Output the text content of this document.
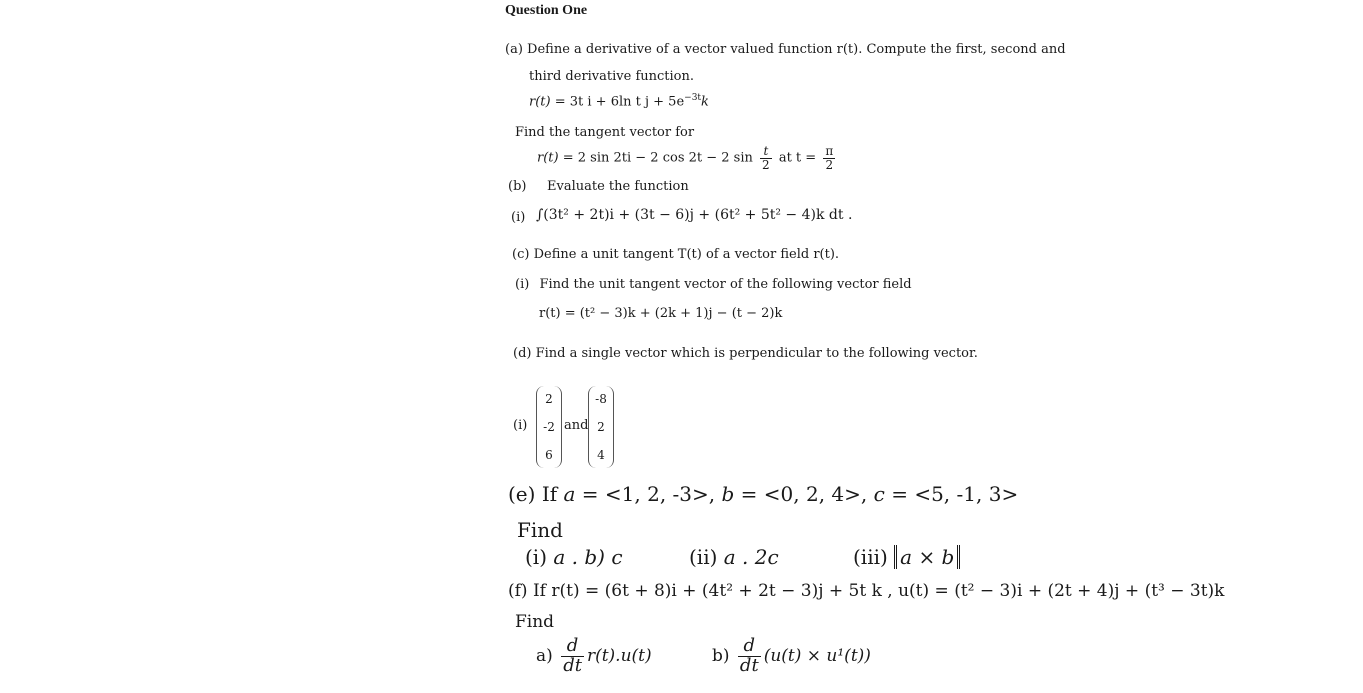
Question One
(a) Define a derivative of a vector valued function r(t). Compute the first, second and
third derivative function.
r(t) = 3t i + 6ln t $j + 5e^{-3t}k$
Find the tangent vector for
r(t) = 2 sin 2ti − 2 cos 2t − 2 $\sin \frac{t}{2}$ at $t = \frac{\pi}{2}$
(b) Evaluate the function
(i) ∫(3t² + 2t)i + (3t − 6)j + (6t² + 5t² − 4)k dt .
(c) Define a unit tangent T(t) of a vector field r(t).
(i) Find the unit tangent vector of the following vector field
r(t) = (t² − 3)k + (2k + 1)j − (t − 2)k
(d) Find a single vector which is perpendicular to the following vector.
(i)
2
-2
6
and
-8
2
4
(e) If a = <1, 2, -3>, b = <0, 2, 4>, c = <5, -1, 3>
Find
(i) a . b) c	(ii) a . 2c	(iii) a × b
(f) If r(t) = (6t + 8)i + (4t² + 2t − 3)j + 5t k , u(t) = (t² − 3)i + (2t + 4)j + (t³ − 3t)k
Find
$a) \frac{d}{dt} r(t).u(t)$	$b) \frac{d}{dt} (u(t) \times u^1(t))$
